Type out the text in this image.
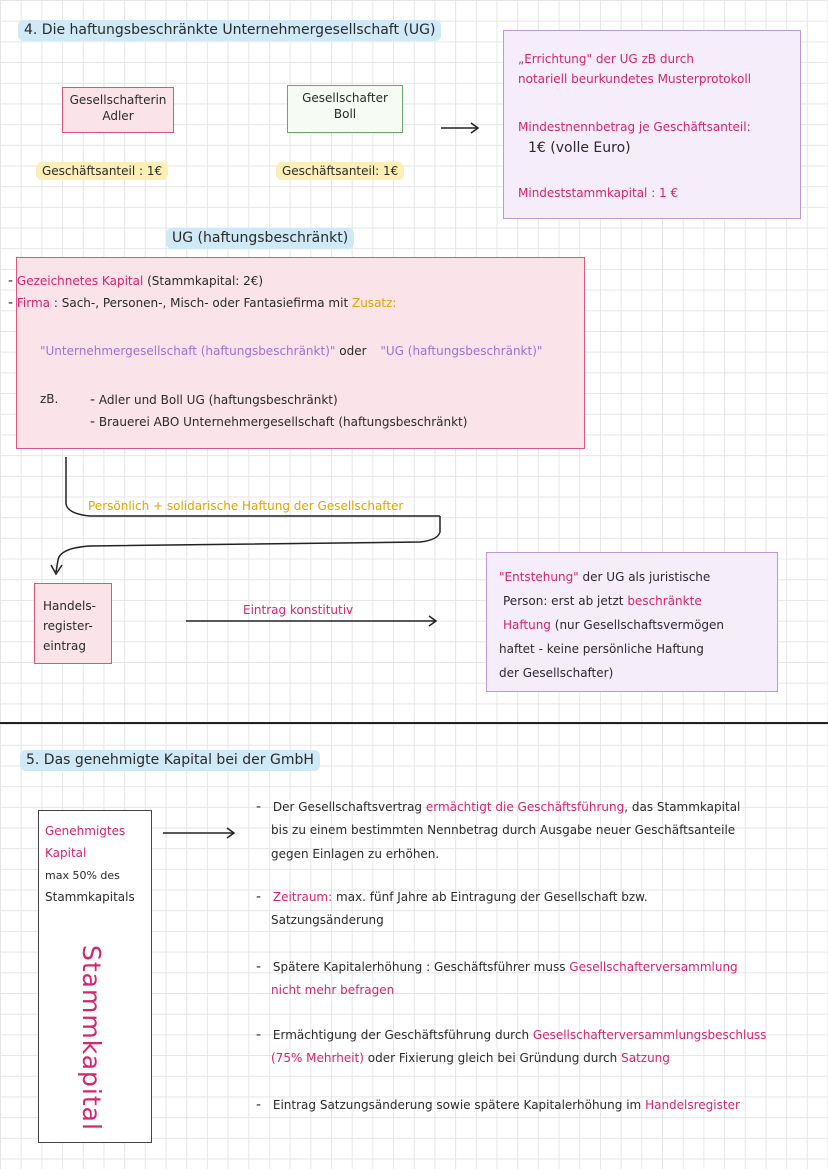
4. Die haftungsbeschränkte Unternehmergesellschaft (UG)
Gesellschafterin
Adler
Geschäftsanteil : 1€
Gesellschafter
Boll
Geschäftsanteil: 1€
„Errichtung" der UG zB durch
notariell beurkundetes Musterprotokoll
Mindestnennbetrag je Geschäftsanteil:
1€ (volle Euro)
Mindeststammkapital : 1 €
UG (haftungsbeschränkt)
- Gezeichnetes Kapital (Stammkapital: 2€)
- Firma : Sach-, Personen-, Misch- oder Fantasiefirma mit Zusatz:
"Unternehmergesellschaft (haftungsbeschränkt)" oder "UG (haftungsbeschränkt)"
zB. - Adler und Boll UG (haftungsbeschränkt)
- Brauerei ABO Unternehmergesellschaft (haftungsbeschränkt)
Persönlich + solidarische Haftung der Gesellschafter
Handels-
register-
eintrag
Eintrag konstitutiv
"Entstehung" der UG als juristische
Person: erst ab jetzt beschränkte
Haftung (nur Gesellschaftsvermögen
haftet - keine persönliche Haftung
der Gesellschafter)
5. Das genehmigte Kapital bei der GmbH
Genehmigtes
Kapital
max 50% des
Stammkapitals
Stammkapital
- Der Gesellschaftsvertrag ermächtigt die Geschäftsführung, das Stammkapital
bis zu einem bestimmten Nennbetrag durch Ausgabe neuer Geschäftsanteile
gegen Einlagen zu erhöhen.
- Zeitraum: max. fünf Jahre ab Eintragung der Gesellschaft bzw.
Satzungsänderung
- Spätere Kapitalerhöhung : Geschäftsführer muss Gesellschafterversammlung
nicht mehr befragen
- Ermächtigung der Geschäftsführung durch Gesellschafterversammlungsbeschluss
(75% Mehrheit) oder Fixierung gleich bei Gründung durch Satzung
- Eintrag Satzungsänderung sowie spätere Kapitalerhöhung im Handelsregister
